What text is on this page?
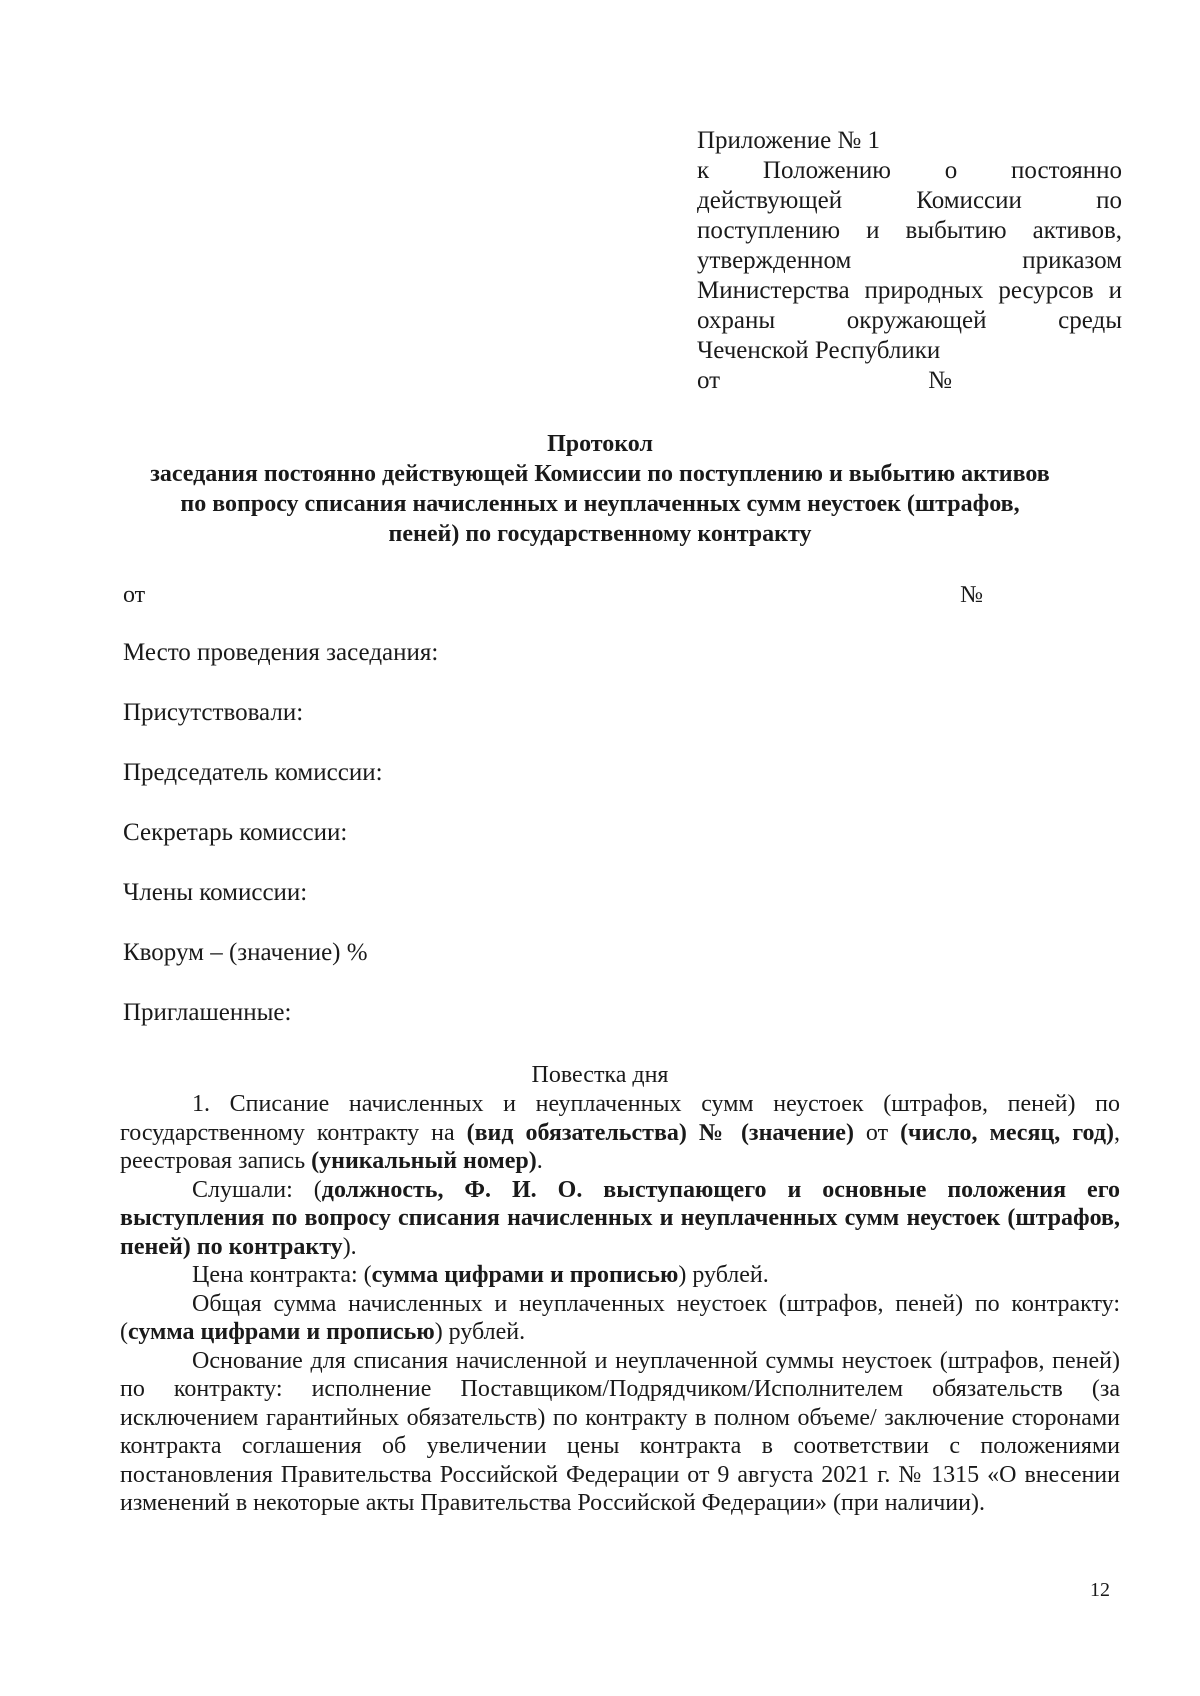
Приложение № 1
к Положению о постоянно
действующей Комиссии по
поступлению и выбытию активов,
утвержденном приказом
Министерства природных ресурсов и
охраны окружающей среды
Чеченской Республики
от	№
Протокол
заседания постоянно действующей Комиссии по поступлению и выбытию активов
по вопросу списания начисленных и неуплаченных сумм неустоек (штрафов,
пеней) по государственному контракту
от	№
Место проведения заседания:
Присутствовали:
Председатель комиссии:
Секретарь комиссии:
Члены комиссии:
Кворум – (значение) %
Приглашенные:
Повестка дня

1. Списание начисленных и неуплаченных сумм неустоек (штрафов, пеней) по государственному контракту на (вид обязательства) № (значение) от (число, месяц, год), реестровая запись (уникальный номер).

Слушали: (должность, Ф. И. О. выступающего и основные положения его выступления по вопросу списания начисленных и неуплаченных сумм неустоек (штрафов, пеней) по контракту).

Цена контракта: (сумма цифрами и прописью) рублей.

Общая сумма начисленных и неуплаченных неустоек (штрафов, пеней) по контракту: (сумма цифрами и прописью) рублей.

Основание для списания начисленной и неуплаченной суммы неустоек (штрафов, пеней) по контракту: исполнение Поставщиком/Подрядчиком/Исполнителем обязательств (за исключением гарантийных обязательств) по контракту в полном объеме/ заключение сторонами контракта соглашения об увеличении цены контракта в соответствии с положениями постановления Правительства Российской Федерации от 9 августа 2021 г. № 1315 «О внесении изменений в некоторые акты Правительства Российской Федерации» (при наличии).

12
